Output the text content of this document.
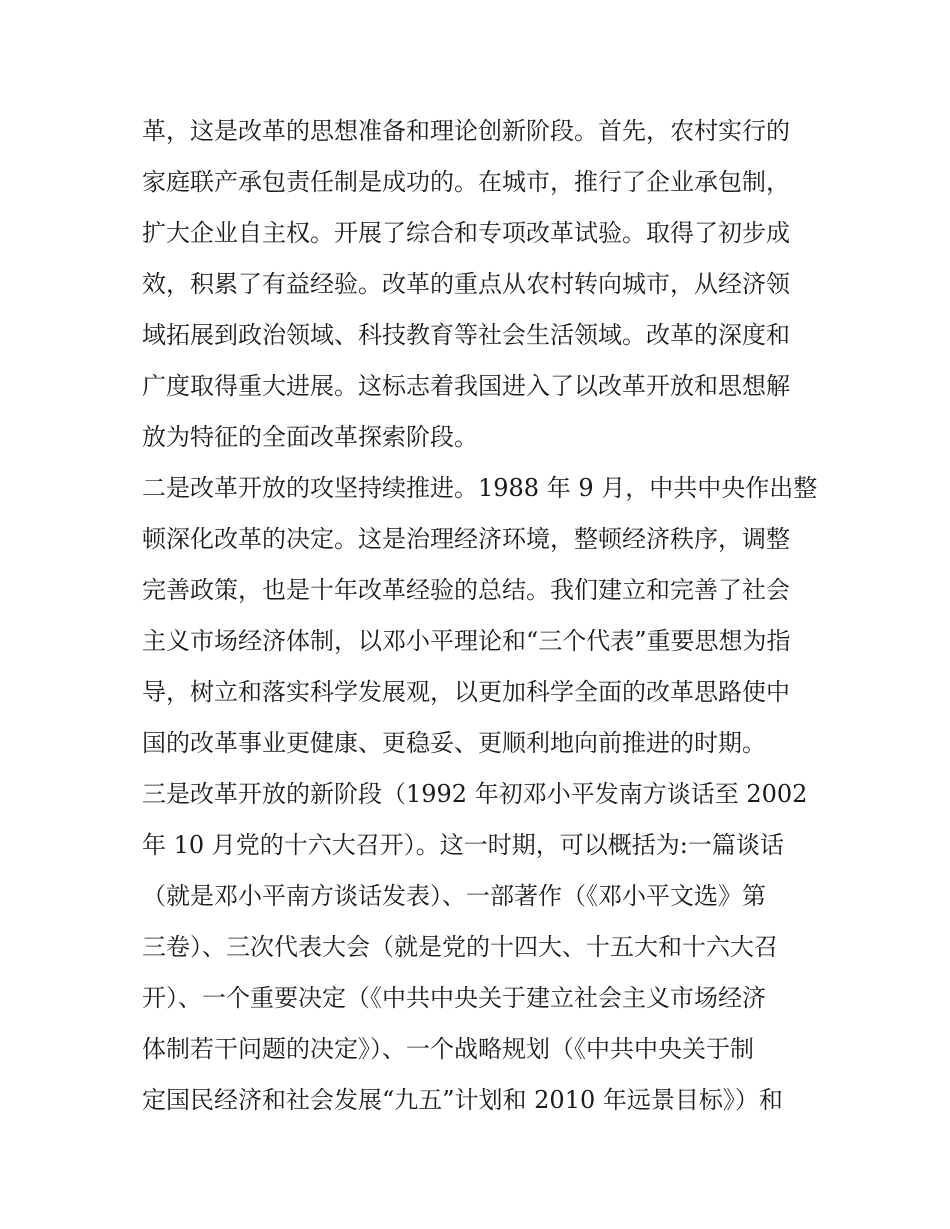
革，这是改革的思想准备和理论创新阶段。首先，农村实行的
家庭联产承包责任制是成功的。在城市，推行了企业承包制，
扩大企业自主权。开展了综合和专项改革试验。取得了初步成
效，积累了有益经验。改革的重点从农村转向城市，从经济领
域拓展到政治领域、科技教育等社会生活领域。改革的深度和
广度取得重大进展。这标志着我国进入了以改革开放和思想解
放为特征的全面改革探索阶段。
二是改革开放的攻坚持续推进。1988 年 9 月，中共中央作出整
顿深化改革的决定。这是治理经济环境，整顿经济秩序，调整
完善政策，也是十年改革经验的总结。我们建立和完善了社会
主义市场经济体制，以邓小平理论和“三个代表”重要思想为指
导，树立和落实科学发展观，以更加科学全面的改革思路使中
国的改革事业更健康、更稳妥、更顺利地向前推进的时期。
三是改革开放的新阶段（1992 年初邓小平发南方谈话至 2002
年 10 月党的十六大召开）。这一时期，可以概括为:一篇谈话
（就是邓小平南方谈话发表）、一部著作（《邓小平文选》第
三卷）、三次代表大会（就是党的十四大、十五大和十六大召
开）、一个重要决定（《中共中央关于建立社会主义市场经济
体制若干问题的决定》）、一个战略规划（《中共中央关于制
定国民经济和社会发展“九五”计划和 2010 年远景目标》）和
